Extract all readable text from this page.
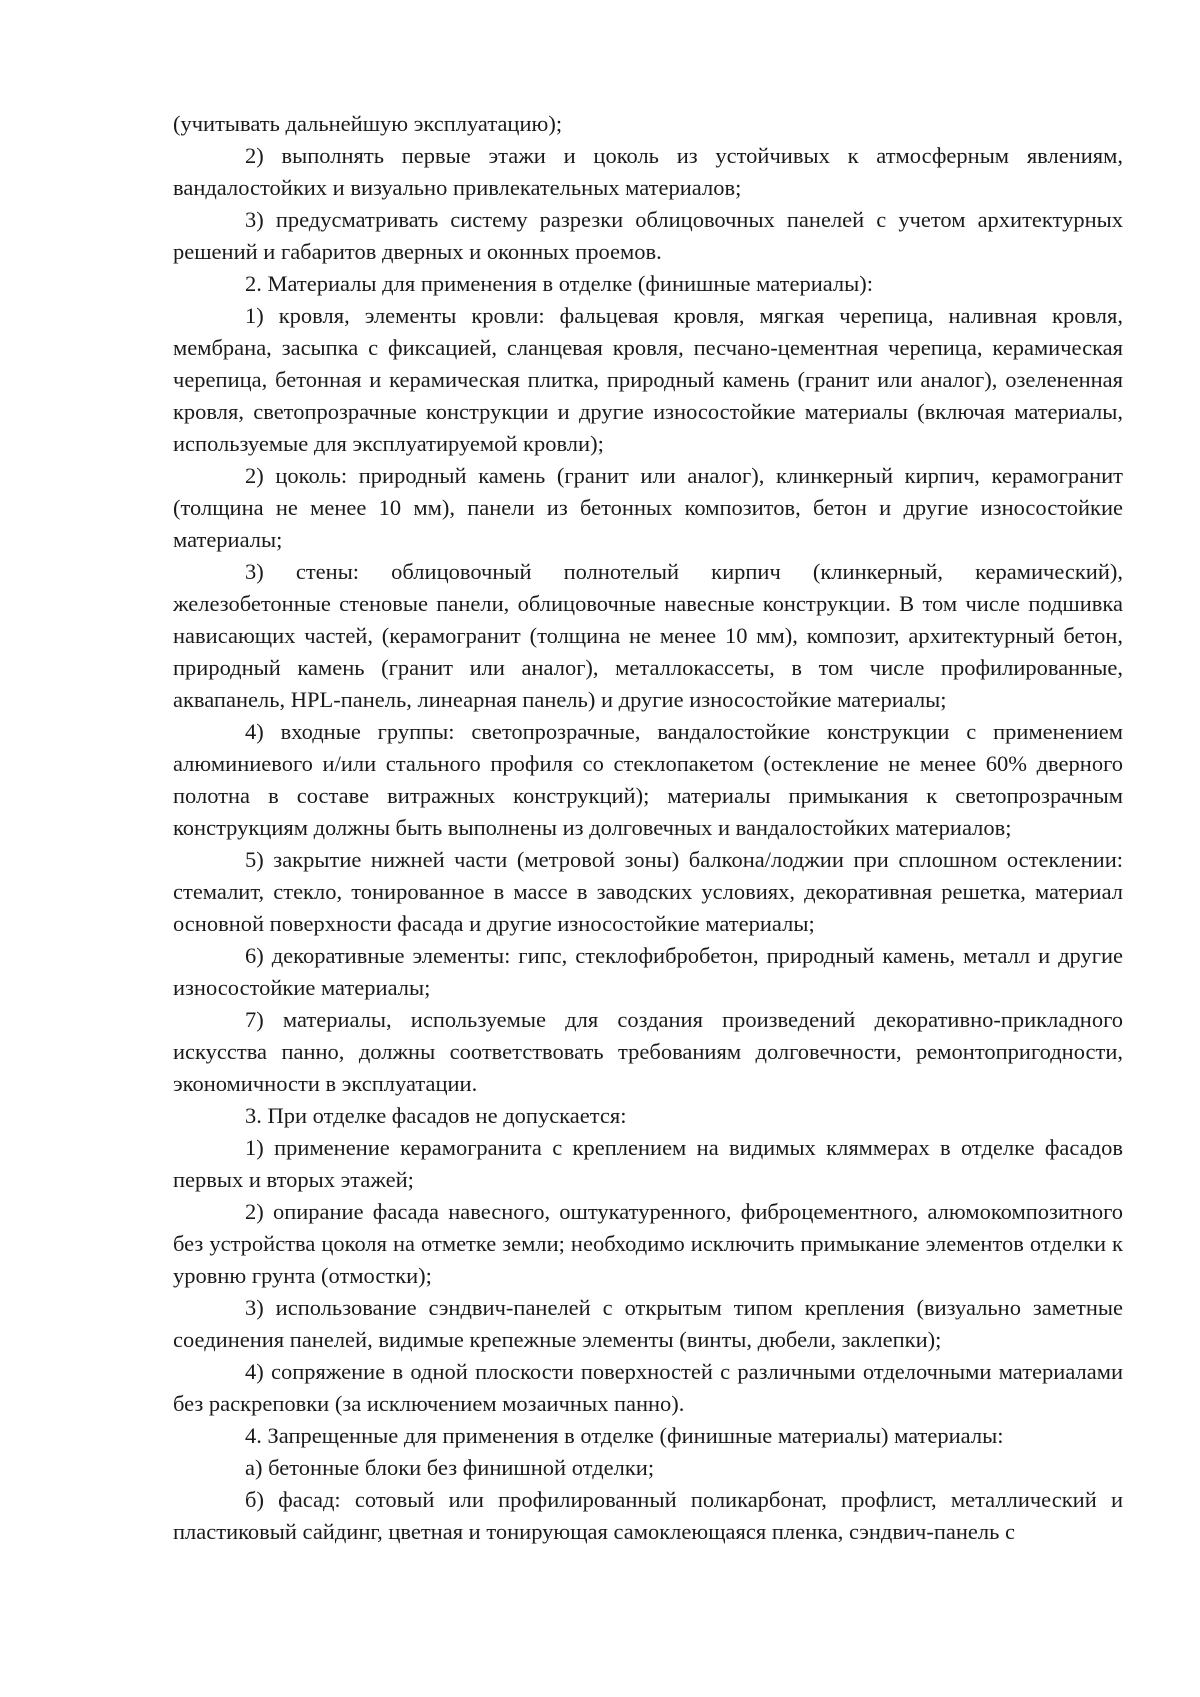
(учитывать дальнейшую эксплуатацию);

2) выполнять первые этажи и цоколь из устойчивых к атмосферным явлениям, вандалостойких и визуально привлекательных материалов;

3) предусматривать систему разрезки облицовочных панелей с учетом архитектурных решений и габаритов дверных и оконных проемов.

2. Материалы для применения в отделке (финишные материалы):

1) кровля, элементы кровли: фальцевая кровля, мягкая черепица, наливная кровля, мембрана, засыпка с фиксацией, сланцевая кровля, песчано-цементная черепица, керамическая черепица, бетонная и керамическая плитка, природный камень (гранит или аналог), озелененная кровля, светопрозрачные конструкции и другие износостойкие материалы (включая материалы, используемые для эксплуатируемой кровли);

2) цоколь: природный камень (гранит или аналог), клинкерный кирпич, керамогранит (толщина не менее 10 мм), панели из бетонных композитов, бетон и другие износостойкие материалы;

3) стены: облицовочный полнотелый кирпич (клинкерный, керамический), железобетонные стеновые панели, облицовочные навесные конструкции. В том числе подшивка нависающих частей, (керамогранит (толщина не менее 10 мм), композит, архитектурный бетон, природный камень (гранит или аналог), металлокассеты, в том числе профилированные, аквапанель, HPL-панель, линеарная панель) и другие износостойкие материалы;

4) входные группы: светопрозрачные, вандалостойкие конструкции с применением алюминиевого и/или стального профиля со стеклопакетом (остекление не менее 60% дверного полотна в составе витражных конструкций); материалы примыкания к светопрозрачным конструкциям должны быть выполнены из долговечных и вандалостойких материалов;

5) закрытие нижней части (метровой зоны) балкона/лоджии при сплошном остеклении: стемалит, стекло, тонированное в массе в заводских условиях, декоративная решетка, материал основной поверхности фасада и другие износостойкие материалы;

6) декоративные элементы: гипс, стеклофибробетон, природный камень, металл и другие износостойкие материалы;

7) материалы, используемые для создания произведений декоративно-прикладного искусства панно, должны соответствовать требованиям долговечности, ремонтопригодности, экономичности в эксплуатации.

3. При отделке фасадов не допускается:

1) применение керамогранита с креплением на видимых кляммерах в отделке фасадов первых и вторых этажей;

2) опирание фасада навесного, оштукатуренного, фиброцементного, алюмокомпозитного без устройства цоколя на отметке земли; необходимо исключить примыкание элементов отделки к уровню грунта (отмостки);

3) использование сэндвич-панелей с открытым типом крепления (визуально заметные соединения панелей, видимые крепежные элементы (винты, дюбели, заклепки);

4) сопряжение в одной плоскости поверхностей с различными отделочными материалами без раскреповки (за исключением мозаичных панно).

4. Запрещенные для применения в отделке (финишные материалы) материалы:

а) бетонные блоки без финишной отделки;

б) фасад: сотовый или профилированный поликарбонат, профлист, металлический и пластиковый сайдинг, цветная и тонирующая самоклеющаяся пленка, сэндвич-панель с
